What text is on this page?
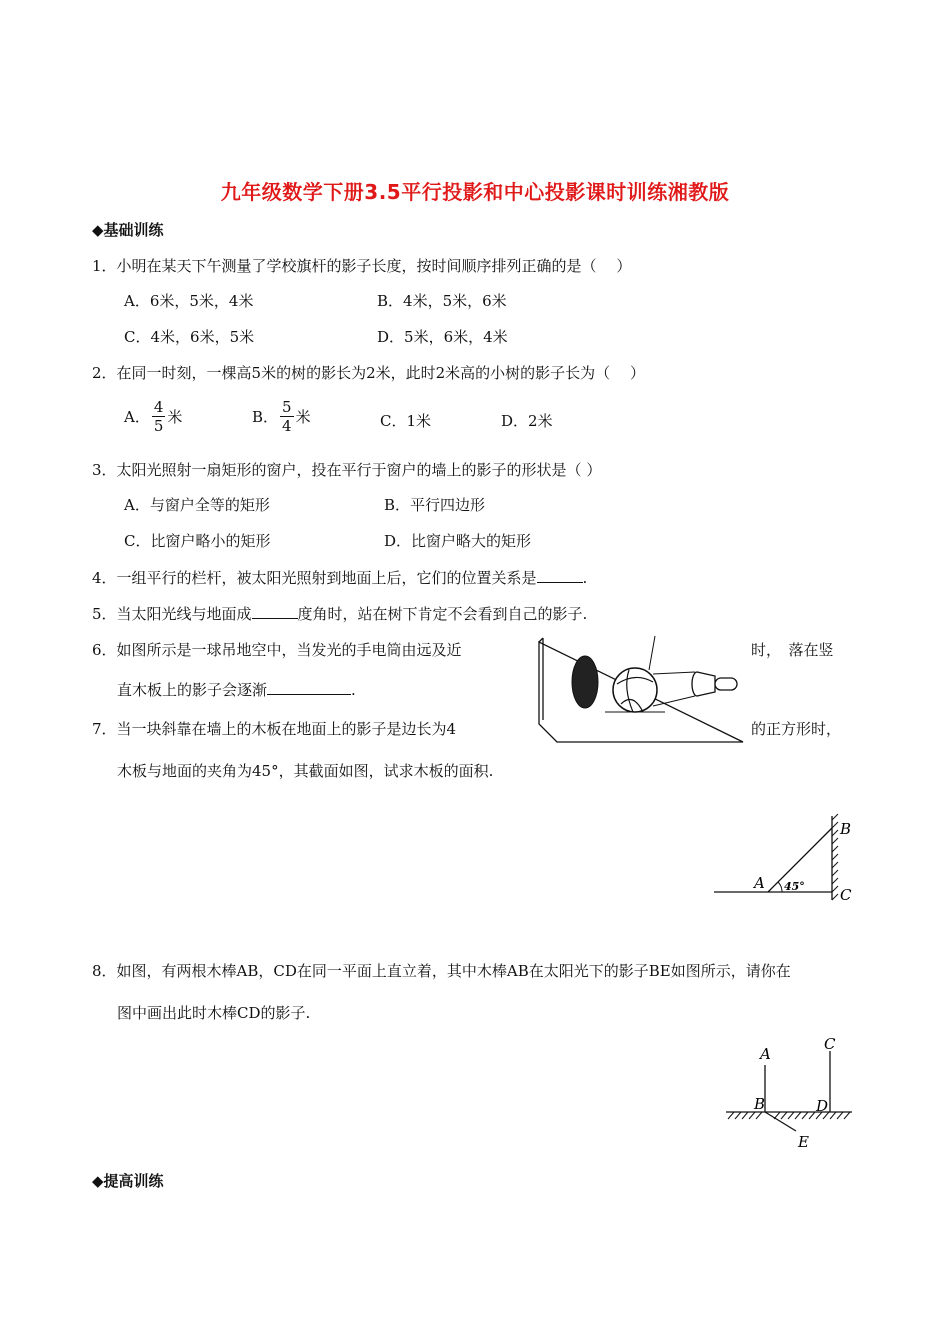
九年级数学下册3.5平行投影和中心投影课时训练湘教版
◆基础训练
1．小明在某天下午测量了学校旗杆的影子长度，按时间顺序排列正确的是（　 ）
A．6米，5米，4米	B．4米，5米，6米
C．4米，6米，5米	D．5米，6米，4米
2．在同一时刻，一棵高5米的树的影长为2米，此时2米高的小树的影子长为（　 ）
A． $\frac{4}{5}$ 米	B． $\frac{5}{4}$ 米	C．1米	D．2米
3．太阳光照射一扇矩形的窗户，投在平行于窗户的墙上的影子的形状是（ ）
A．与窗户全等的矩形	B．平行四边形
C．比窗户略小的矩形	D．比窗户略大的矩形
4．一组平行的栏杆，被太阳光照射到地面上后，它们的位置关系是	.
5．当太阳光线与地面成	度角时，站在树下肯定不会看到自己的影子.
6．如图所示是一球吊地空中，当发光的手电筒由远及近	时，　落在竖
直木板上的影子会逐渐	.
7．当一块斜靠在墙上的木板在地面上的影子是边长为4	的正方形时，
木板与地面的夹角为45°，其截面如图，试求木板的面积.
A
B
C
45°
8．如图，有两根木棒AB，CD在同一平面上直立着，其中木棒AB在太阳光下的影子BE如图所示，请你在
图中画出此时木棒CD的影子.
A
B
C
D
E
◆提高训练
